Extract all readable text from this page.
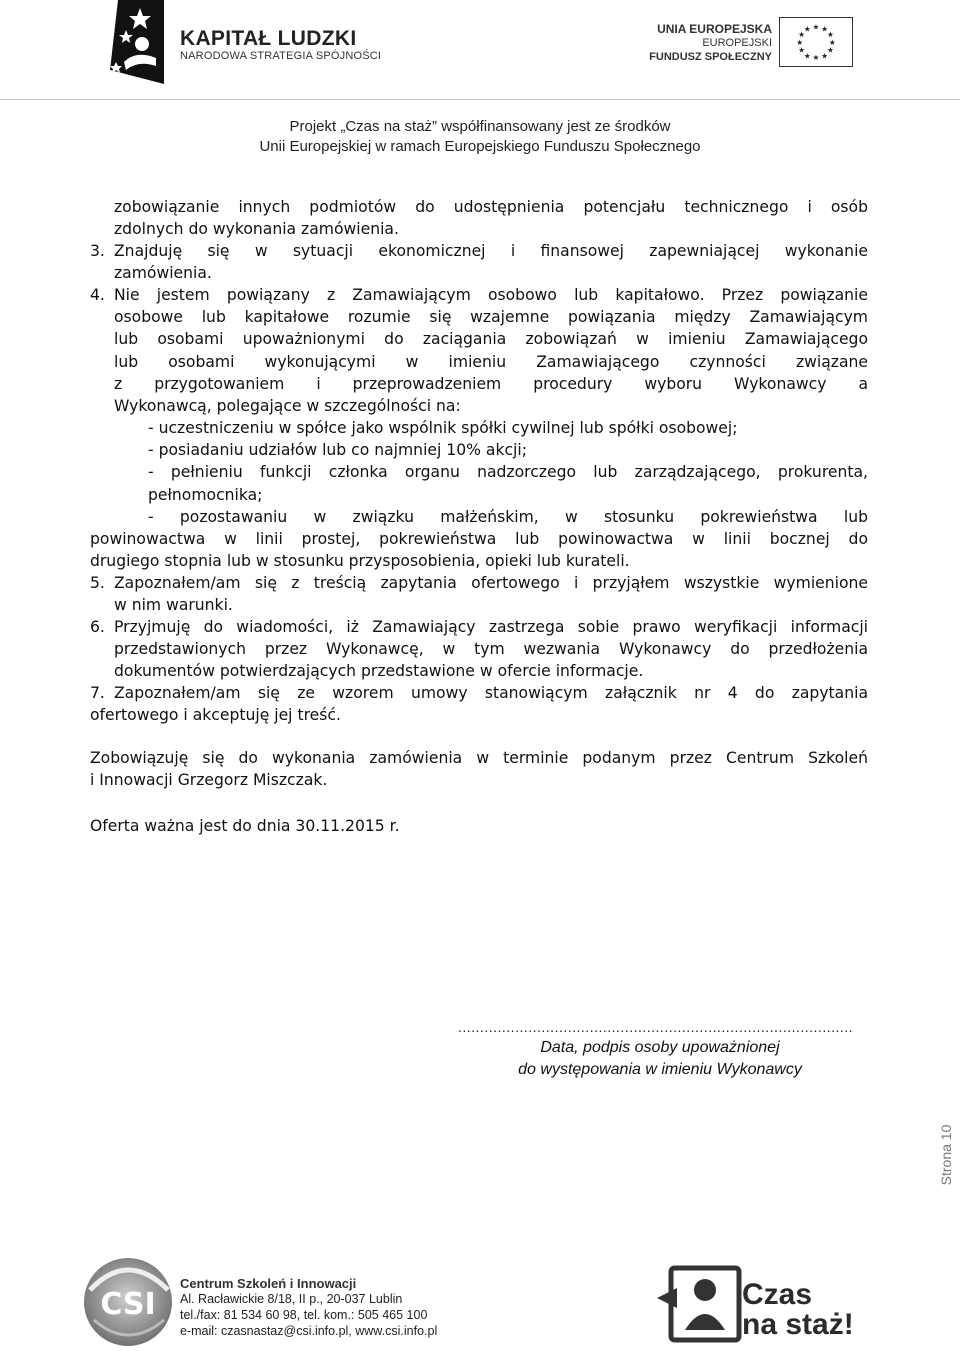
KAPITAŁ LUDZKI
NARODOWA STRATEGIA SPÓJNOŚCI
UNIA EUROPEJSKA
EUROPEJSKI
FUNDUSZ SPOŁECZNY
★ ★
★
★
★
★
★
★
★
★
★
★
Projekt „Czas na staż” współfinansowany jest ze środków
Unii Europejskiej w ramach Europejskiego Funduszu Społecznego

zobowiązanie innych podmiotów do udostępnienia potencjału technicznego i osób

zdolnych do wykonania zamówienia.

3. Znajduję się w sytuacji ekonomicznej i finansowej zapewniającej wykonanie
zamówienia.
4. Nie jestem powiązany z Zamawiającym osobowo lub kapitałowo. Przez powiązanie
osobowe lub kapitałowe rozumie się wzajemne powiązania między Zamawiającym
lub osobami upoważnionymi do zaciągania zobowiązań w imieniu Zamawiającego
lub osobami wykonującymi w imieniu Zamawiającego czynności związane
z przygotowaniem i przeprowadzeniem procedury wyboru Wykonawcy a
Wykonawcą, polegające w szczególności na:
- uczestniczeniu w spółce jako wspólnik spółki cywilnej lub spółki osobowej;
- posiadaniu udziałów lub co najmniej 10% akcji;
- pełnieniu funkcji członka organu nadzorczego lub zarządzającego, prokurenta,
pełnomocnika;
- pozostawaniu w związku małżeńskim, w stosunku pokrewieństwa lub

powinowactwa w linii prostej, pokrewieństwa lub powinowactwa w linii bocznej do

drugiego stopnia lub w stosunku przysposobienia, opieki lub kurateli.

5. Zapoznałem/am się z treścią zapytania ofertowego i przyjąłem wszystkie wymienione
w nim warunki.
6. Przyjmuję do wiadomości, iż Zamawiający zastrzega sobie prawo weryfikacji informacji
przedstawionych przez Wykonawcę, w tym wezwania Wykonawcy do przedłożenia
dokumentów potwierdzających przedstawione w ofercie informacje.
7. Zapoznałem/am się ze wzorem umowy stanowiącym załącznik nr 4 do zapytania

ofertowego i akceptuję jej treść.

Zobowiązuję się do wykonania zamówienia w terminie podanym przez Centrum Szkoleń

i Innowacji Grzegorz Miszczak.

Oferta ważna jest do dnia 30.11.2015 r.

..........................................................................................
Data, podpis osoby upoważnionej
do występowania w imieniu Wykonawcy
Strona 10
CSI
Centrum Szkoleń i Innowacji
Al. Racławickie 8/18, II p., 20-037 Lublin
tel./fax: 81 534 60 98, tel. kom.: 505 465 100
e-mail: czasnastaz@csi.info.pl, www.csi.info.pl
Czas
na staż!
